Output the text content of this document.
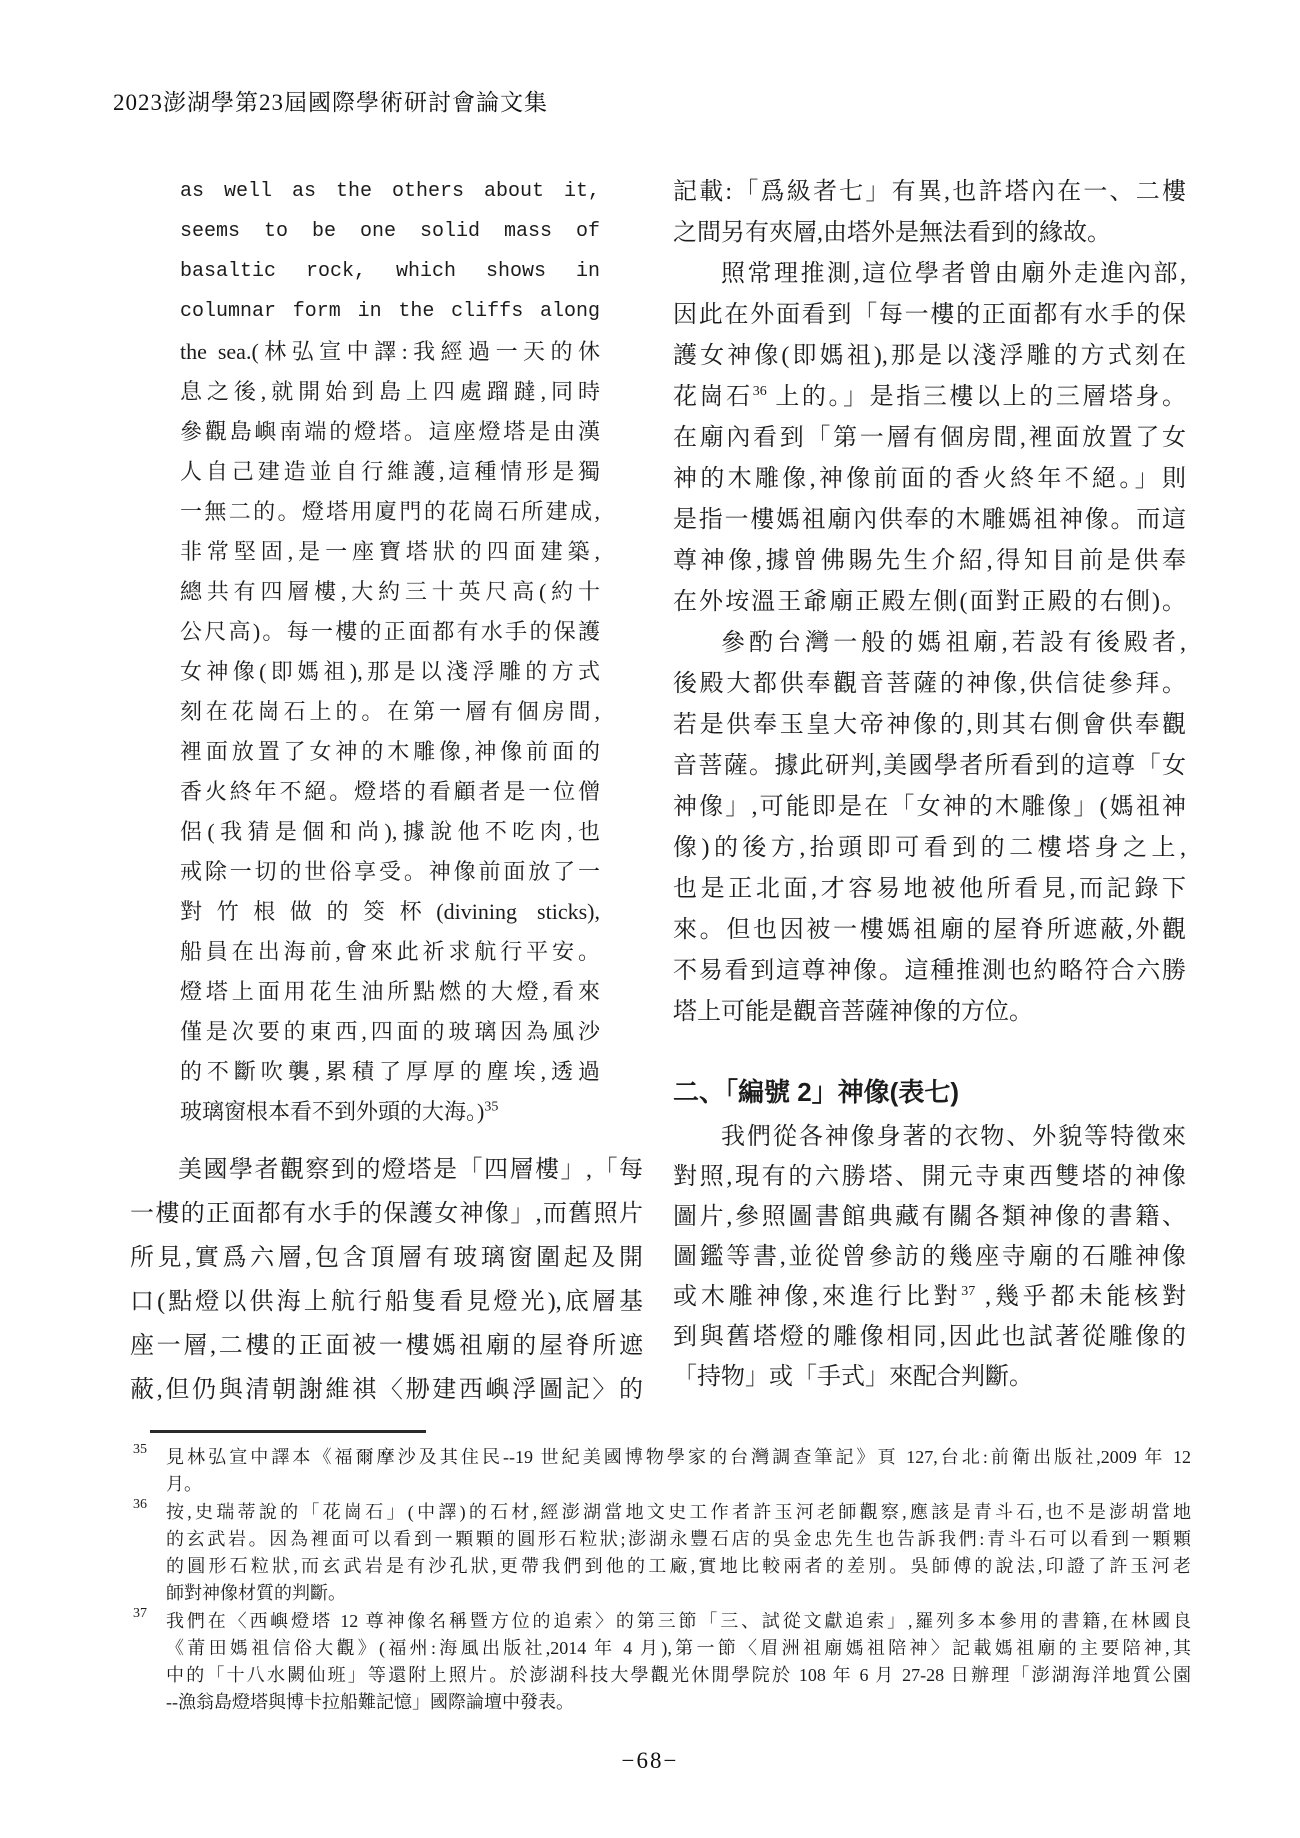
2023澎湖學第23屆國際學術研討會論文集
as well as the others about it,
seems to be one solid mass of
basaltic rock, which shows in
columnar form in the cliffs along
the sea.(林弘宣中譯:我經過一天的休
息之後,就開始到島上四處蹓躂,同時
參觀島嶼南端的燈塔。這座燈塔是由漢
人自己建造並自行維護,這種情形是獨
一無二的。燈塔用廈門的花崗石所建成,
非常堅固,是一座寶塔狀的四面建築,
總共有四層樓,大約三十英尺高(約十
公尺高)。每一樓的正面都有水手的保護
女神像(即媽祖),那是以淺浮雕的方式
刻在花崗石上的。在第一層有個房間,
裡面放置了女神的木雕像,神像前面的
香火終年不絕。燈塔的看顧者是一位僧
侶(我猜是個和尚),據說他不吃肉,也
戒除一切的世俗享受。神像前面放了一
對竹根做的筊杯(divining sticks),
船員在出海前,會來此祈求航行平安。
燈塔上面用花生油所點燃的大燈,看來
僅是次要的東西,四面的玻璃因為風沙
的不斷吹襲,累積了厚厚的塵埃,透過
玻璃窗根本看不到外頭的大海。)$^{35}$
美國學者觀察到的燈塔是「四層樓」,「每
一樓的正面都有水手的保護女神像」,而舊照片
所見,實爲六層,包含頂層有玻璃窗圍起及開
口(點燈以供海上航行船隻看見燈光),底層基
座一層,二樓的正面被一樓媽祖廟的屋脊所遮
蔽,但仍與清朝謝維祺〈刱建西嶼浮圖記〉的
記載:「爲級者七」有異,也許塔內在一、二樓
之間另有夾層,由塔外是無法看到的緣故。
照常理推測,這位學者曾由廟外走進內部,
因此在外面看到「每一樓的正面都有水手的保
護女神像(即媽祖),那是以淺浮雕的方式刻在
花崗石$^{36}$ 上的。」是指三樓以上的三層塔身。
在廟內看到「第一層有個房間,裡面放置了女
神的木雕像,神像前面的香火終年不絕。」則
是指一樓媽祖廟內供奉的木雕媽祖神像。而這
尊神像,據曾佛賜先生介紹,得知目前是供奉
在外垵溫王爺廟正殿左側(面對正殿的右側)。
參酌台灣一般的媽祖廟,若設有後殿者,
後殿大都供奉觀音菩薩的神像,供信徒參拜。
若是供奉玉皇大帝神像的,則其右側會供奉觀
音菩薩。據此研判,美國學者所看到的這尊「女
神像」,可能即是在「女神的木雕像」(媽祖神
像)的後方,抬頭即可看到的二樓塔身之上,
也是正北面,才容易地被他所看見,而記錄下
來。但也因被一樓媽祖廟的屋脊所遮蔽,外觀
不易看到這尊神像。這種推測也約略符合六勝
塔上可能是觀音菩薩神像的方位。
二、「編號 2」神像(表七)
我們從各神像身著的衣物、外貌等特徵來
對照,現有的六勝塔、開元寺東西雙塔的神像
圖片,參照圖書館典藏有關各類神像的書籍、
圖鑑等書,並從曾參訪的幾座寺廟的石雕神像
或木雕神像,來進行比對$^{37}$ ,幾乎都未能核對
到與舊塔燈的雕像相同,因此也試著從雕像的
「持物」或「手式」來配合判斷。
35 見林弘宣中譯本《福爾摩沙及其住民--19 世紀美國博物學家的台灣調查筆記》頁 127,台北:前衛出版社,2009 年 12
月。
36 按,史瑞蒂說的「花崗石」(中譯)的石材,經澎湖當地文史工作者許玉河老師觀察,應該是青斗石,也不是澎胡當地
的玄武岩。因為裡面可以看到一顆顆的圓形石粒狀;澎湖永豐石店的吳金忠先生也告訴我們:青斗石可以看到一顆顆
的圓形石粒狀,而玄武岩是有沙孔狀,更帶我們到他的工廠,實地比較兩者的差別。吳師傅的說法,印證了許玉河老
師對神像材質的判斷。
37 我們在〈西嶼燈塔 12 尊神像名稱暨方位的追索〉的第三節「三、試從文獻追索」,羅列多本參用的書籍,在林國良
《莆田媽祖信俗大觀》(福州:海風出版社,2014 年 4 月),第一節〈眉洲祖廟媽祖陪神〉記載媽祖廟的主要陪神,其
中的「十八水闕仙班」等還附上照片。於澎湖科技大學觀光休閒學院於 108 年 6 月 27-28 日辦理「澎湖海洋地質公園
--漁翁島燈塔與博卡拉船難記憶」國際論壇中發表。
−68−
